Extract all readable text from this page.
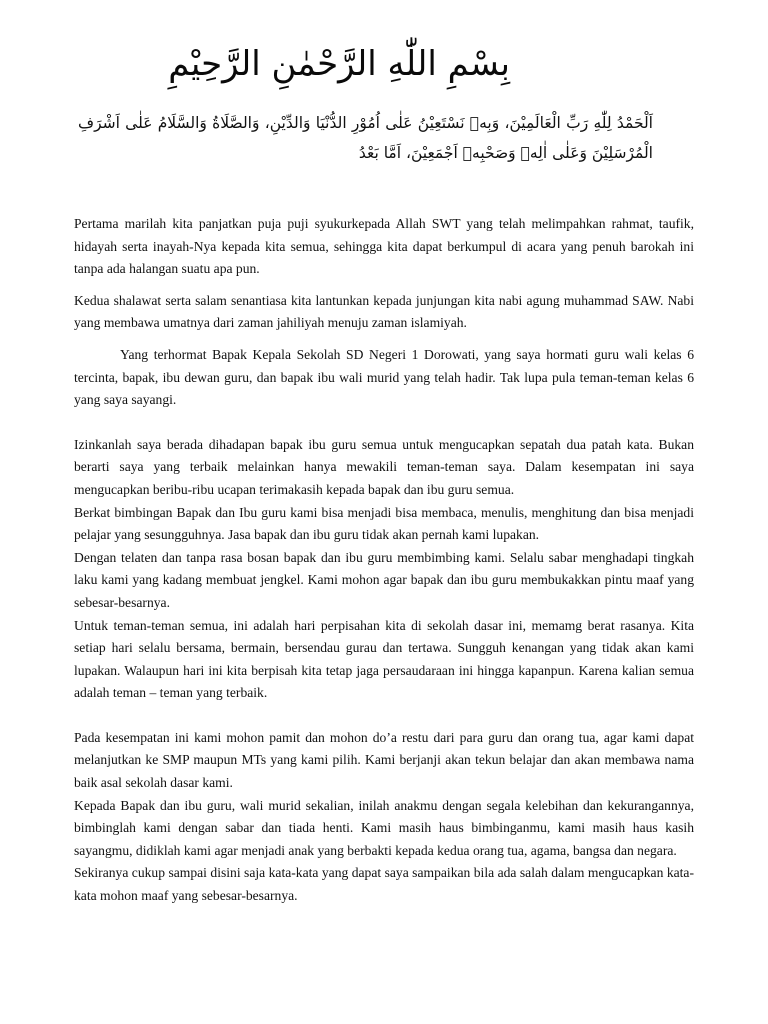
بِسْمِ اللّٰهِ الرَّحْمٰنِ الرَّحِيْمِ
اَلْحَمْدُ لِلّٰهِ رَبِّ الْعَالَمِيْنَ، وَبِهٖ نَسْتَعِيْنُ عَلٰى اُمُوْرِ الدُّنْيَا وَالدِّيْنِ، وَالصَّلَاةُ وَالسَّلَامُ عَلٰى اَشْرَفِ الْمُرْسَلِيْنَ وَعَلٰى اٰلِهٖ وَصَحْبِهٖ اَجْمَعِيْنَ، اَمَّا بَعْدُ

Pertama marilah kita panjatkan puja puji syukurkepada Allah SWT yang telah melimpahkan rahmat, taufik, hidayah serta inayah-Nya kepada kita semua, sehingga kita dapat berkumpul di acara yang penuh barokah ini tanpa ada halangan suatu apa pun.

Kedua shalawat serta salam senantiasa kita lantunkan kepada junjungan kita nabi agung muhammad SAW. Nabi yang membawa umatnya dari zaman jahiliyah menuju zaman islamiyah.

Yang terhormat Bapak Kepala Sekolah SD Negeri 1 Dorowati, yang saya hormati guru wali kelas 6 tercinta, bapak, ibu dewan guru, dan bapak ibu wali murid yang telah hadir. Tak lupa pula teman-teman kelas 6 yang saya sayangi.

Izinkanlah saya berada dihadapan bapak ibu guru semua untuk mengucapkan sepatah dua patah kata. Bukan berarti saya yang terbaik melainkan hanya mewakili teman-teman saya. Dalam kesempatan ini saya mengucapkan beribu-ribu ucapan terimakasih kepada bapak dan ibu guru semua.

Berkat bimbingan Bapak dan Ibu guru kami bisa menjadi bisa membaca, menulis, menghitung dan bisa menjadi pelajar yang sesungguhnya. Jasa bapak dan ibu guru tidak akan pernah kami lupakan.

Dengan telaten dan tanpa rasa bosan bapak dan ibu guru membimbing kami. Selalu sabar menghadapi tingkah laku kami yang kadang membuat jengkel. Kami mohon agar bapak dan ibu guru membukakkan pintu maaf yang sebesar-besarnya.

Untuk teman-teman semua, ini adalah hari perpisahan kita di sekolah dasar ini, memamg berat rasanya. Kita setiap hari selalu bersama, bermain, bersendau gurau dan tertawa. Sungguh kenangan yang tidak akan kami lupakan. Walaupun hari ini kita berpisah kita tetap jaga persaudaraan ini hingga kapanpun. Karena kalian semua adalah teman – teman yang terbaik.

Pada kesempatan ini kami mohon pamit dan mohon do’a restu dari para guru dan orang tua, agar kami dapat melanjutkan ke SMP maupun MTs yang kami pilih. Kami berjanji akan tekun belajar dan akan membawa nama baik asal sekolah dasar kami.

Kepada Bapak dan ibu guru, wali murid sekalian, inilah anakmu dengan segala kelebihan dan kekurangannya, bimbinglah kami dengan sabar dan tiada henti. Kami masih haus bimbinganmu, kami masih haus kasih sayangmu, didiklah kami agar menjadi anak yang berbakti kepada kedua orang tua, agama, bangsa dan negara.

Sekiranya cukup sampai disini saja kata-kata yang dapat saya sampaikan bila ada salah dalam mengucapkan kata-kata mohon maaf yang sebesar-besarnya.
